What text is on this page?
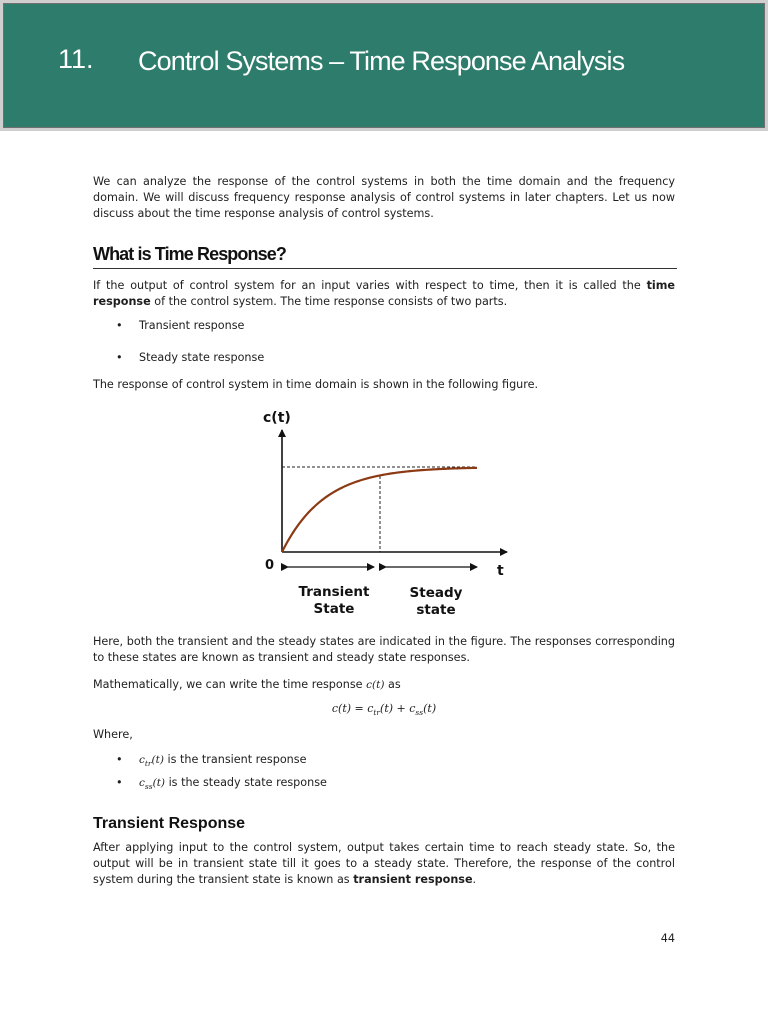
11. Control Systems – Time Response Analysis

We can analyze the response of the control systems in both the time domain and the frequency domain. We will discuss frequency response analysis of control systems in later chapters. Let us now discuss about the time response analysis of control systems.

What is Time Response?

If the output of control system for an input varies with respect to time, then it is called the time response of the control system. The time response consists of two parts.

• Transient response
• Steady state response

The response of control system in time domain is shown in the following figure.

c(t)
0	t
Transient
State
Steady
state

Here, both the transient and the steady states are indicated in the figure. The responses corresponding to these states are known as transient and steady state responses.

Mathematically, we can write the time response c(t) as

$c(t) = c_{tr}(t) + c_{ss}(t)$

Where,

• $c_{tr}(t)$ is the transient response
• $c_{ss}(t)$ is the steady state response
Transient Response

After applying input to the control system, output takes certain time to reach steady state. So, the output will be in transient state till it goes to a steady state. Therefore, the response of the control system during the transient state is known as transient response.

44
